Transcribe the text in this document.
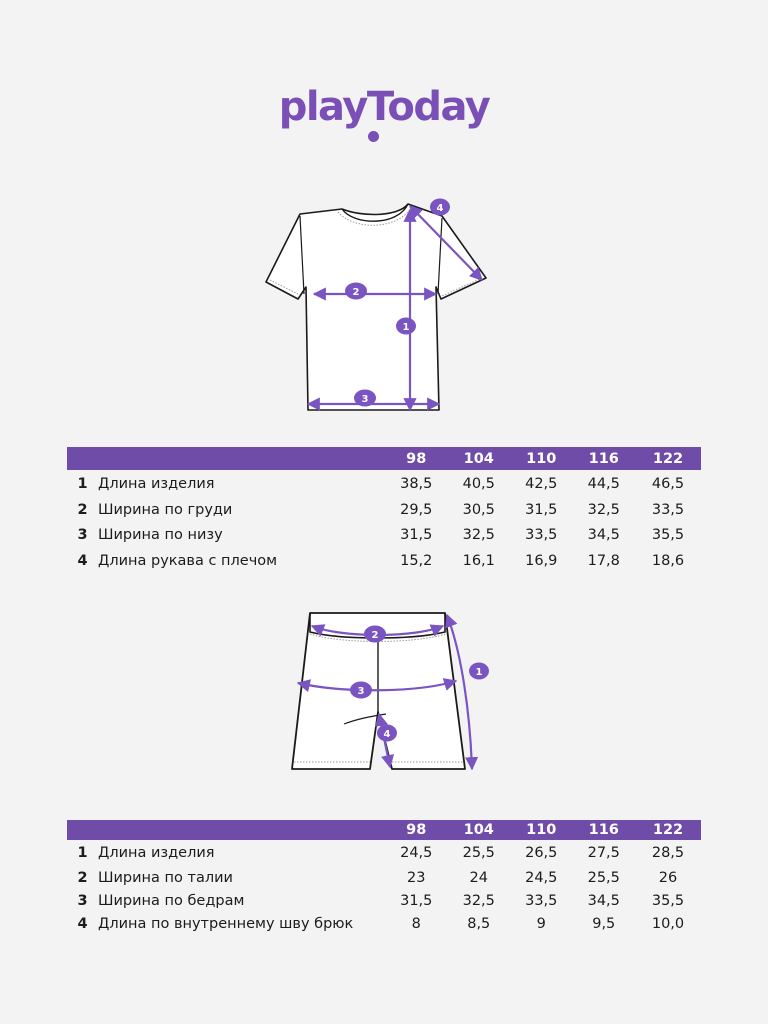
playToday
1
2
3
4
		98	104	110	116	122
1	Длина изделия	38,5	40,5	42,5	44,5	46,5
2	Ширина по груди	29,5	30,5	31,5	32,5	33,5
3	Ширина по низу	31,5	32,5	33,5	34,5	35,5
4	Длина рукава с плечом	15,2	16,1	16,9	17,8	18,6
1
2
3
4
		98	104	110	116	122
1	Длина изделия	24,5	25,5	26,5	27,5	28,5
2	Ширина по талии	23	24	24,5	25,5	26
3	Ширина по бедрам	31,5	32,5	33,5	34,5	35,5
4	Длина по внутреннему шву брюк	8	8,5	9	9,5	10,0
